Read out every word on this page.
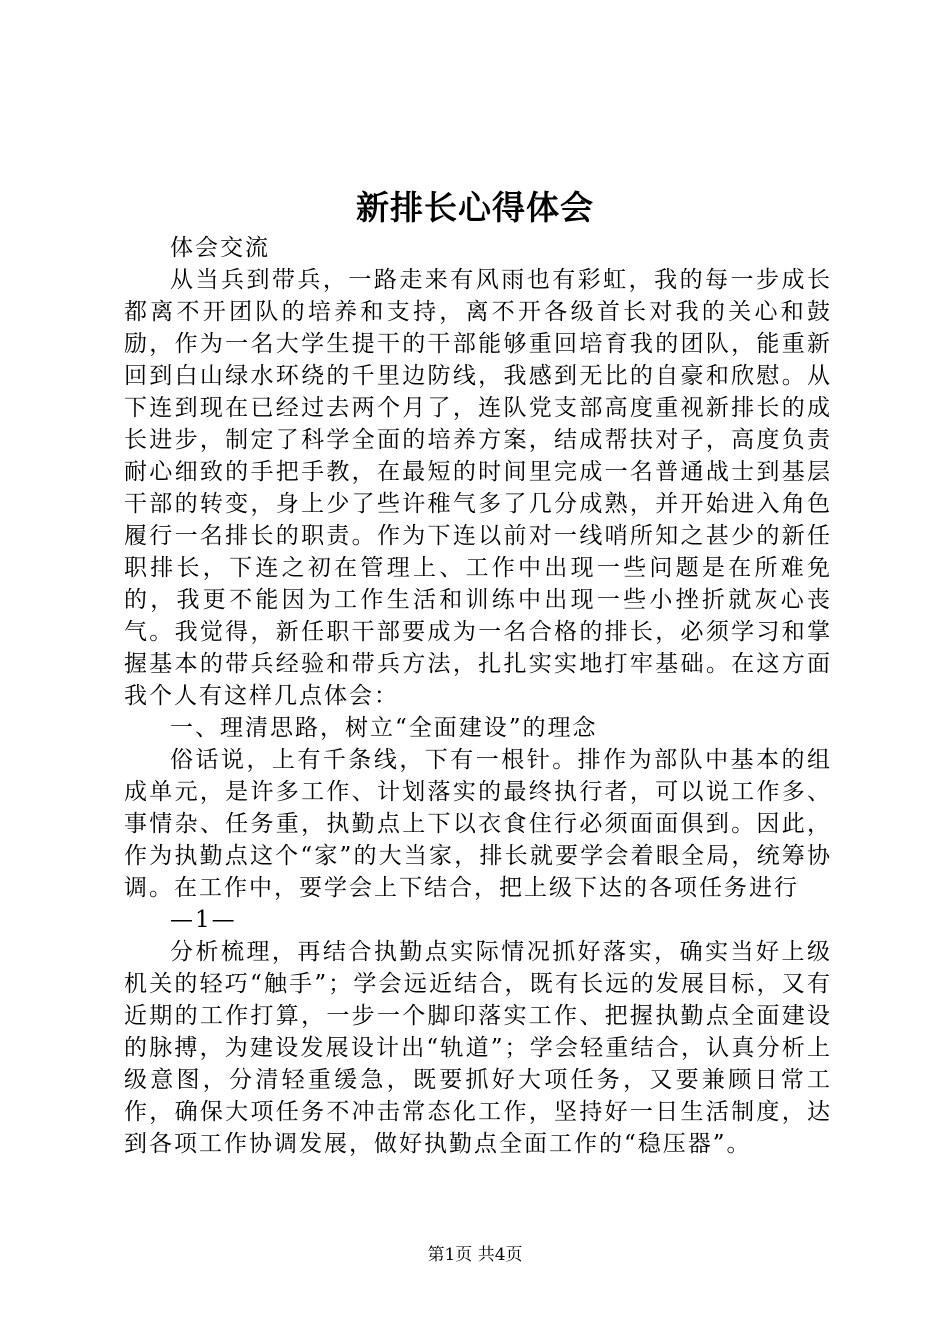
新排长心得体会

体会交流

从当兵到带兵，一路走来有风雨也有彩虹，我的每一步成长都离不开团队的培养和支持，离不开各级首长对我的关心和鼓励，作为一名大学生提干的干部能够重回培育我的团队，能重新回到白山绿水环绕的千里边防线，我感到无比的自豪和欣慰。从下连到现在已经过去两个月了，连队党支部高度重视新排长的成长进步，制定了科学全面的培养方案，结成帮扶对子，高度负责耐心细致的手把手教，在最短的时间里完成一名普通战士到基层干部的转变，身上少了些许稚气多了几分成熟，并开始进入角色履行一名排长的职责。作为下连以前对一线哨所知之甚少的新任职排长，下连之初在管理上、工作中出现一些问题是在所难免的，我更不能因为工作生活和训练中出现一些小挫折就灰心丧气。我觉得，新任职干部要成为一名合格的排长，必须学习和掌握基本的带兵经验和带兵方法，扎扎实实地打牢基础。在这方面我个人有这样几点体会：

一、理清思路，树立“全面建设”的理念

俗话说，上有千条线，下有一根针。排作为部队中基本的组成单元，是许多工作、计划落实的最终执行者，可以说工作多、事情杂、任务重，执勤点上下以衣食住行必须面面俱到。因此，作为执勤点这个“家”的大当家，排长就要学会着眼全局，统筹协调。在工作中，要学会上下结合，把上级下达的各项任务进行

—1—

分析梳理，再结合执勤点实际情况抓好落实，确实当好上级机关的轻巧“触手”；学会远近结合，既有长远的发展目标，又有近期的工作打算，一步一个脚印落实工作、把握执勤点全面建设的脉搏，为建设发展设计出“轨道”；学会轻重结合，认真分析上级意图，分清轻重缓急，既要抓好大项任务，又要兼顾日常工作，确保大项任务不冲击常态化工作，坚持好一日生活制度，达到各项工作协调发展，做好执勤点全面工作的“稳压器”。

第1页 共4页
